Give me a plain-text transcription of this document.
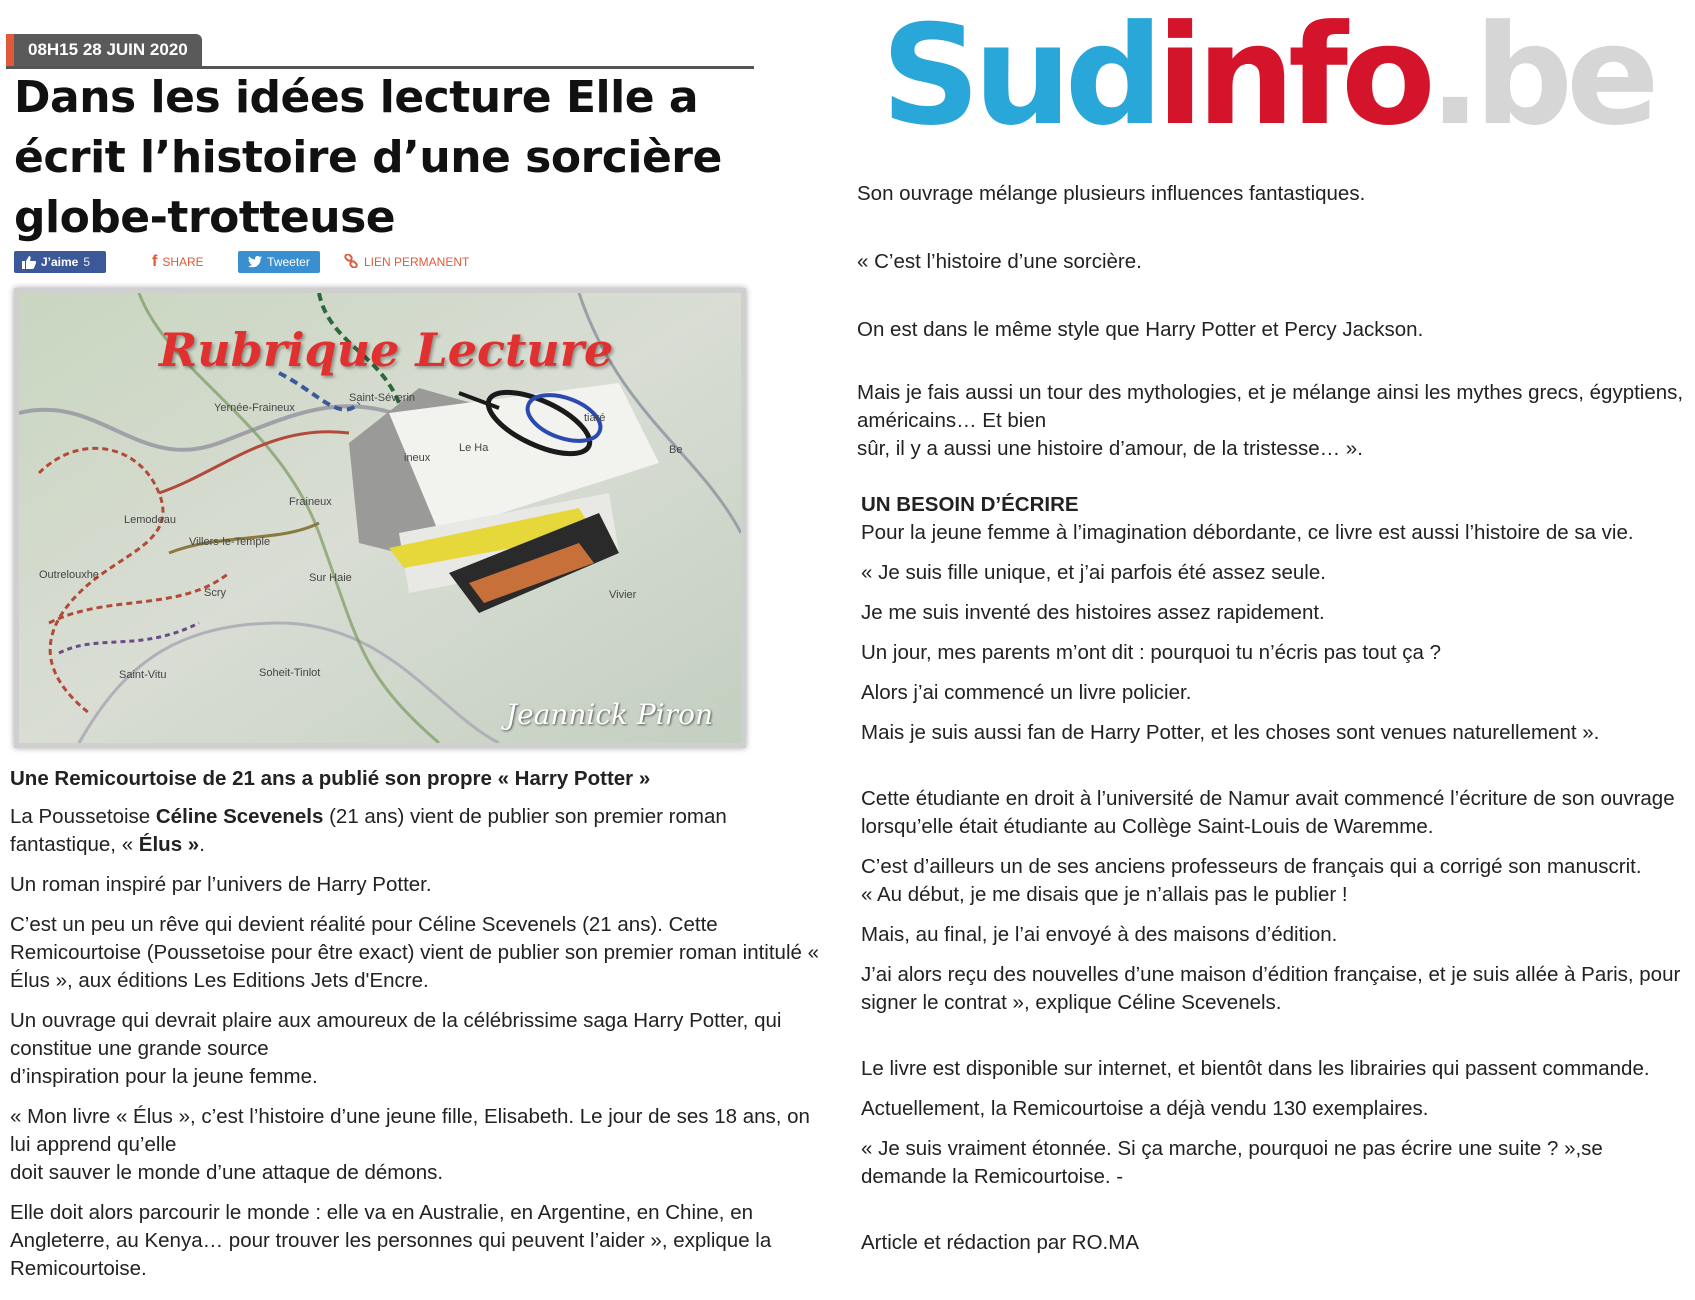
08H15 28 JUIN 2020
Dans les idées lecture Elle a écrit l’histoire d’une sorcière globe-trotteuse
J’aime 5	f SHARE	Tweeter	LIEN PERMANENT
Saint-Séverin
Yernée-Fraineux
Lemodeau
Villers-le-Temple
Outrelouxhe
Scry
Sur Haie
Fraineux
Saint-Vitu	Soheit-Tinlot
Le Ha
ineux
Be
Vivier
tiaré
Rubrique Lecture
Jeannick Piron

Une Remicourtoise de 21 ans a publié son propre « Harry Potter »

La Poussetoise Céline Scevenels (21 ans) vient de publier son premier roman fantastique, « Élus ».

Un roman inspiré par l’univers de Harry Potter.

C’est un peu un rêve qui devient réalité pour Céline Scevenels (21 ans). Cette Remicourtoise (Poussetoise pour être exact) vient de publier son premier roman intitulé « Élus », aux éditions Les Editions Jets d'Encre.

Un ouvrage qui devrait plaire aux amoureux de la célébrissime saga Harry Potter, qui constitue une grande source
d’inspiration pour la jeune femme.

« Mon livre « Élus », c’est l’histoire d’une jeune fille, Elisabeth. Le jour de ses 18 ans, on lui apprend qu’elle
doit sauver le monde d’une attaque de démons.

Elle doit alors parcourir le monde : elle va en Australie, en Argentine, en Chine, en Angleterre, au Kenya… pour trouver les personnes qui peuvent l’aider », explique la Remicourtoise.

Sudinfo.be

Son ouvrage mélange plusieurs influences fantastiques.

« C’est l’histoire d’une sorcière.

On est dans le même style que Harry Potter et Percy Jackson.

Mais je fais aussi un tour des mythologies, et je mélange ainsi les mythes grecs, égyptiens, américains… Et bien
sûr, il y a aussi une histoire d’amour, de la tristesse… ».

UN BESOIN D’ÉCRIRE

Pour la jeune femme à l’imagination débordante, ce livre est aussi l’histoire de sa vie.

« Je suis fille unique, et j’ai parfois été assez seule.

Je me suis inventé des histoires assez rapidement.

Un jour, mes parents m’ont dit : pourquoi tu n’écris pas tout ça ?

Alors j’ai commencé un livre policier.

Mais je suis aussi fan de Harry Potter, et les choses sont venues naturellement ».

Cette étudiante en droit à l’université de Namur avait commencé l’écriture de son ouvrage lorsqu’elle était étudiante au Collège Saint-Louis de Waremme.

C’est d’ailleurs un de ses anciens professeurs de français qui a corrigé son manuscrit.
« Au début, je me disais que je n’allais pas le publier !

Mais, au final, je l’ai envoyé à des maisons d’édition.

J’ai alors reçu des nouvelles d’une maison d’édition française, et je suis allée à Paris, pour signer le contrat », explique Céline Scevenels.

Le livre est disponible sur internet, et bientôt dans les librairies qui passent commande.

Actuellement, la Remicourtoise a déjà vendu 130 exemplaires.

« Je suis vraiment étonnée. Si ça marche, pourquoi ne pas écrire une suite ? »,se demande la Remicourtoise. -

Article et rédaction par RO.MA
